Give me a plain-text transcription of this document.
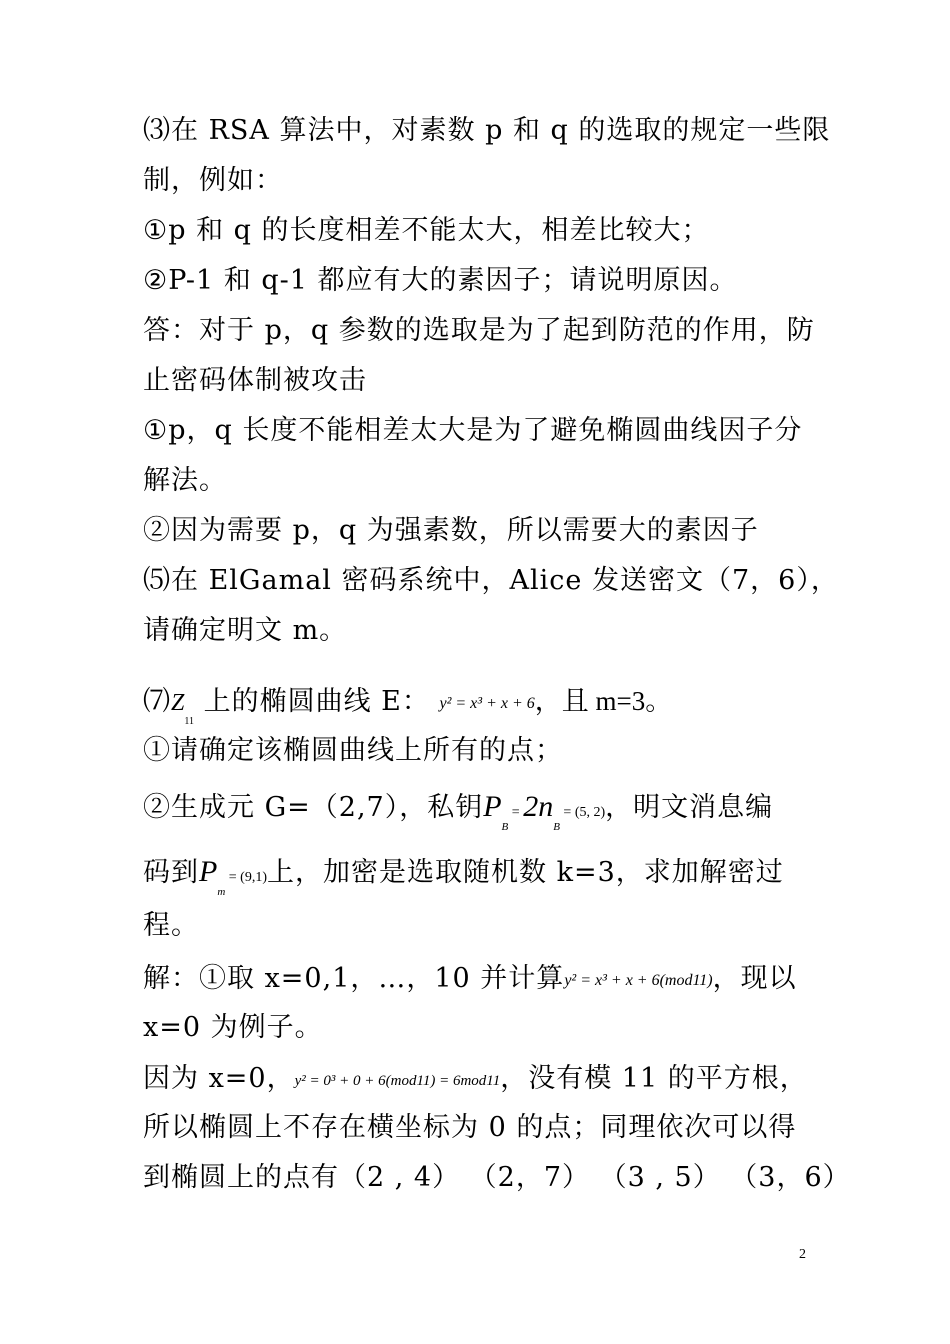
⑶在 RSA 算法中，对素数 p 和 q 的选取的规定一些限
制，例如：
①p 和 q 的长度相差不能太大，相差比较大；
②P-1 和 q-1 都应有大的素因子；请说明原因。
答：对于 p，q 参数的选取是为了起到防范的作用，防
止密码体制被攻击
①p，q 长度不能相差太大是为了避免椭圆曲线因子分
解法。
②因为需要 p，q 为强素数，所以需要大的素因子
⑸在 ElGamal 密码系统中，Alice 发送密文（7，6），
请确定明文 m。
$⑺Z_{11}$ 上的椭圆曲线 E： y² = x³ + x + 6，且 m=3。
①请确定该椭圆曲线上所有的点；
②生成元 G=（2,7），私钥$P_B = 2n_B = (5$, 2)，明文消息编
码到$P_m = (9,1)$上，加密是选取随机数 k=3，求加解密过
程。
解：①取 x=0,1，…，10 并计算y² = x³ + x + 6(mod11)，现以
x=0 为例子。
因为 x=0，y² = 0³ + 0 + 6(mod11) = 6mod11，没有模 11 的平方根，
所以椭圆上不存在横坐标为 0 的点；同理依次可以得
到椭圆上的点有（2 , 4） （2，7） （3 , 5） （3，6）
2
